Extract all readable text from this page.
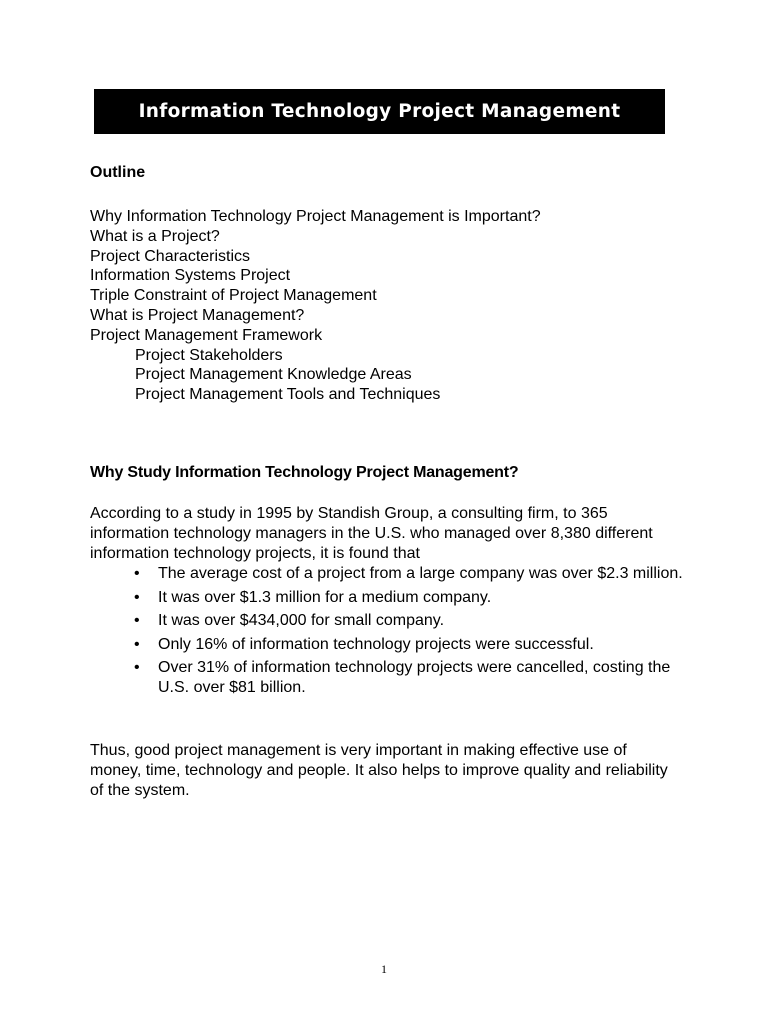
Information Technology Project Management
Outline
Why Information Technology Project Management is Important?
What is a Project?
Project Characteristics
Information Systems Project
Triple Constraint of Project Management
What is Project Management?
Project Management Framework
Project Stakeholders
Project Management Knowledge Areas
Project Management Tools and Techniques
Why Study Information Technology Project Management?

According to a study in 1995 by Standish Group, a consulting firm, to 365 information technology managers in the U.S. who managed over 8,380 different information technology projects, it is found that

• The average cost of a project from a large company was over $2.3 million.
• It was over $1.3 million for a medium company.
• It was over $434,000 for small company.
• Only 16% of information technology projects were successful.
• Over 31% of information technology projects were cancelled, costing the U.S. over $81 billion.

Thus, good project management is very important in making effective use of money, time, technology and people. It also helps to improve quality and reliability of the system.

1
